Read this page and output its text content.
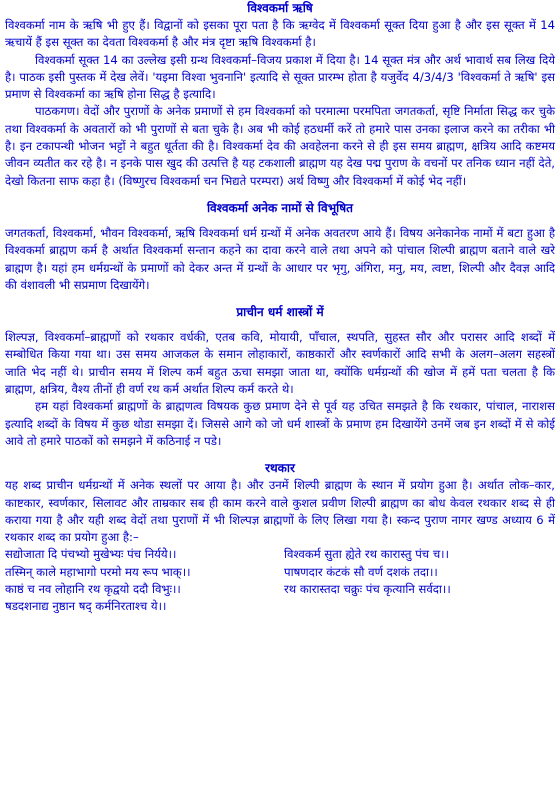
विश्वकर्मा ऋषि

विश्वकर्मा नाम के ऋषि भी हुए हैं। विद्वानों को इसका पूरा पता है कि ऋग्वेद में विश्वकर्मा सूक्त दिया हुआ है और इस सूक्त में 14 ऋचायें हैं इस सूक्त का देवता विश्वकर्मा है और मंत्र दृष्टा ऋषि विश्वकर्मा है।

विश्वकर्मा सूक्त 14 का उल्लेख इसी ग्रन्थ विश्वकर्मा–विजय प्रकाश में दिया है। 14 सूक्त मंत्र और अर्थ भावार्थ सब लिख दिये है। पाठक इसी पुस्तक में देख लेवें। 'यइमा विश्वा भुवनानि' इत्यादि से सूक्त प्रारम्भ होता है यजुर्वेद 4/3/4/3 'विश्वकर्मा ते ऋषि' इस प्रमाण से विश्वकर्मा का ऋषि होना सिद्ध है इत्यादि।

पाठकगण। वेदों और पुराणों के अनेक प्रमाणों से हम विश्वकर्मा को परमात्मा परमपिता जगतकर्ता, सृष्टि निर्माता सिद्ध कर चुके तथा विश्वकर्मा के अवतारों को भी पुराणों से बता चुके है। अब भी कोई हठधर्मी करें तो हमारे पास उनका इलाज करने का तरीका भी है। इन टकापन्थी भोजन भट्टों ने बहुत धूर्तता की है। विश्वकर्मा देव की अवहेलना करने से ही इस समय ब्राह्मण, क्षत्रिय आदि कष्टमय जीवन व्यतीत कर रहे है। न इनके पास खुद की उत्पत्ति है यह टकशाली ब्राह्मण यह देख पद्म पुराण के वचनों पर तनिक ध्यान नहीं देते, देखो कितना साफ कहा है। (विष्णुरच विश्वकर्मा चन भिद्यते परम्परा) अर्थ विष्णु और विश्वकर्मा में कोई भेद नहीं।

विश्वकर्मा अनेक नामों से विभूषित

जगतकर्ता, विश्वकर्मा, भौवन विश्वकर्मा, ऋषि विश्वकर्मा धर्म ग्रन्थों में अनेक अवतरण आये हैं। विषय अनेकानेक नामों में बटा हुआ है विश्वकर्मा ब्राह्मण कर्म है अर्थात विश्वकर्मा सन्तान कहने का दावा करने वाले तथा अपने को पांचाल शिल्पी ब्राह्मण बताने वाले खरे ब्राह्मण है। यहां हम धर्मग्रन्थों के प्रमाणों को देकर अन्त में ग्रन्थों के आधार पर भृगु, अंगिरा, मनु, मय, त्वष्टा, शिल्पी और दैवज्ञ आदि की वंशावली भी सप्रमाण दिखायेंगे।

प्राचीन धर्म शास्त्रों में

शिल्पज्ञ, विश्वकर्मा–ब्राह्मणों को रथकार वर्धकी, एतब कवि, मोयायी, पाँचाल, स्थपति, सुहस्त सौर और परासर आदि शब्दों में सम्बोधित किया गया था। उस समय आजकल के समान लोहाकारों, काष्ठकारों और स्वर्णकारों आदि सभी के अलग–अलग सहस्त्रों जाति भेद नहीं थे। प्राचीन समय में शिल्प कर्म बहुत ऊचा समझा जाता था, क्योंकि धर्मग्रन्थों की खोज में हमें पता चलता है कि ब्राह्मण, क्षत्रिय, वैश्य तीनों ही वर्ण रथ कर्म अर्थात शिल्प कर्म करते थे।

हम यहां विश्वकर्मा ब्राह्मणों के ब्राह्मणत्व विषयक कुछ प्रमाण देने से पूर्व यह उचित समझते है कि रथकार, पांचाल, नाराशस इत्यादि शब्दों के विषय में कुछ थोडा समझा दें। जिससे आगे को जो धर्म शास्त्रों के प्रमाण हम दिखायेंगे उनमें जब इन शब्दों में से कोई आवे तो हमारे पाठकों को समझने में कठिनाई न पडे।

रथकार

यह शब्द प्राचीन धर्मग्रन्थों में अनेक स्थलों पर आया है। और उनमें शिल्पी ब्राह्मण के स्थान में प्रयोग हुआ है। अर्थात लोक–कार, काष्टकार, स्वर्णकार, सिलावट और ताम्रकार सब ही काम करने वाले कुशल प्रवीण शिल्पी ब्राह्मण का बोध केवल रथकार शब्द से ही कराया गया है और यही शब्द वेदों तथा पुराणों में भी शिल्पज्ञ ब्राह्मणों के लिए लिखा गया है। स्कन्द पुराण नागर खण्ड अध्याय 6 में रथकार शब्द का प्रयोग हुआ है:–

सद्योजाता दि पंचभ्यो मुखेभ्यः पंच निर्ययेे।।	विश्वकर्म सुता ह्येते रथ कारास्तु पंच च।।
तस्मिन् काले महाभागो परमो मय रूप भाक्।।	पाषणदार कंटकं सौ वर्ण दशकं तदा।।
काष्ठं च नव लोहानि रथ कृद्वयो ददौ विभुः।।	रथ कारास्तदा चक्रुः पंच कृत्यानि सर्वदा।।
षडदशनाद्य नुष्ठान षद् कर्मनिरताश्च ये।।
